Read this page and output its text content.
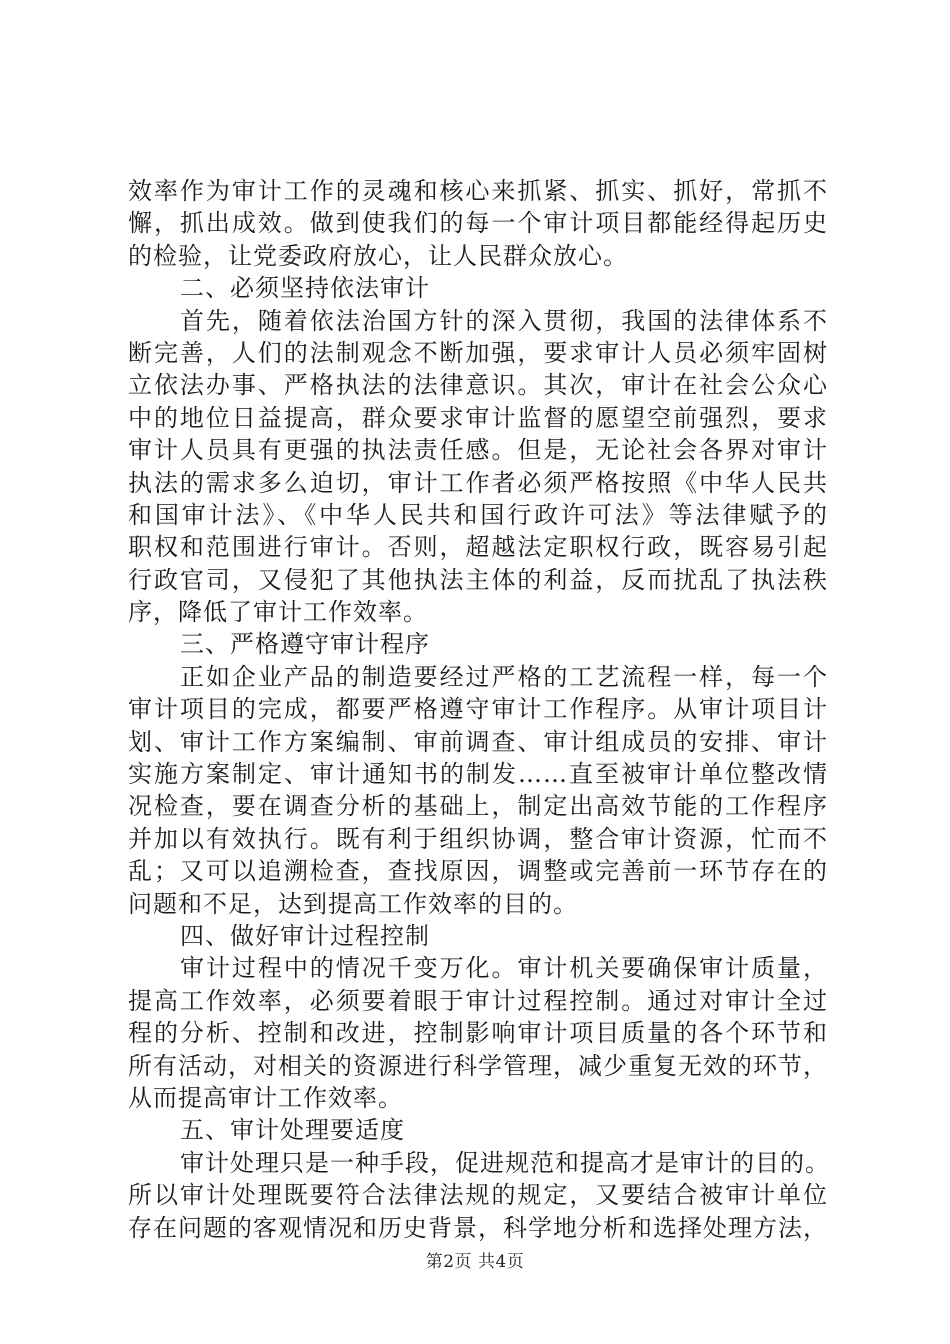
效率作为审计工作的灵魂和核心来抓紧、抓实、抓好，常抓不
懈，抓出成效。做到使我们的每一个审计项目都能经得起历史
的检验，让党委政府放心，让人民群众放心。
二、必须坚持依法审计
首先，随着依法治国方针的深入贯彻，我国的法律体系不
断完善，人们的法制观念不断加强，要求审计人员必须牢固树
立依法办事、严格执法的法律意识。其次，审计在社会公众心
中的地位日益提高，群众要求审计监督的愿望空前强烈，要求
审计人员具有更强的执法责任感。但是，无论社会各界对审计
执法的需求多么迫切，审计工作者必须严格按照《中华人民共
和国审计法》、《中华人民共和国行政许可法》等法律赋予的
职权和范围进行审计。否则，超越法定职权行政，既容易引起
行政官司，又侵犯了其他执法主体的利益，反而扰乱了执法秩
序，降低了审计工作效率。
三、严格遵守审计程序
正如企业产品的制造要经过严格的工艺流程一样，每一个
审计项目的完成，都要严格遵守审计工作程序。从审计项目计
划、审计工作方案编制、审前调查、审计组成员的安排、审计
实施方案制定、审计通知书的制发……直至被审计单位整改情
况检查，要在调查分析的基础上，制定出高效节能的工作程序
并加以有效执行。既有利于组织协调，整合审计资源，忙而不
乱；又可以追溯检查，查找原因，调整或完善前一环节存在的
问题和不足，达到提高工作效率的目的。
四、做好审计过程控制
审计过程中的情况千变万化。审计机关要确保审计质量，
提高工作效率，必须要着眼于审计过程控制。通过对审计全过
程的分析、控制和改进，控制影响审计项目质量的各个环节和
所有活动，对相关的资源进行科学管理，减少重复无效的环节，
从而提高审计工作效率。
五、审计处理要适度
审计处理只是一种手段，促进规范和提高才是审计的目的。
所以审计处理既要符合法律法规的规定，又要结合被审计单位
存在问题的客观情况和历史背景，科学地分析和选择处理方法，
第2页 共4页
